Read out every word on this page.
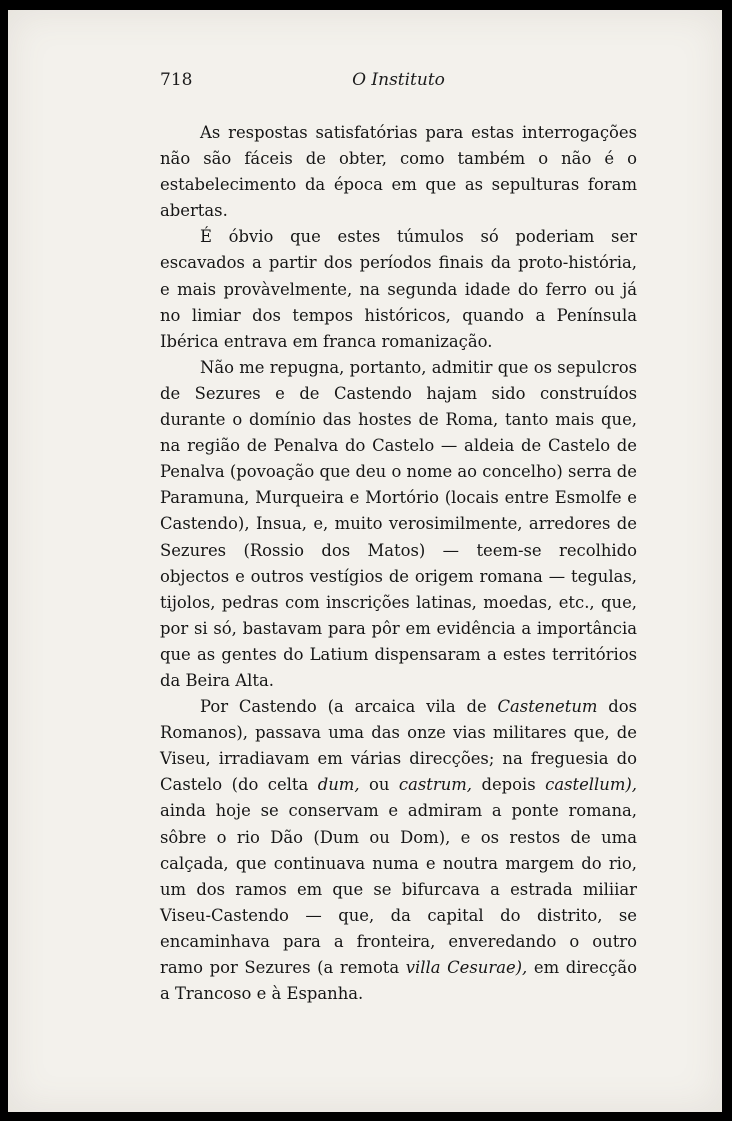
718	O Instituto

As respostas satisfatórias para estas interrogações não são fáceis de obter, como também o não é o estabelecimento da época em que as sepulturas foram abertas.

É óbvio que estes túmulos só poderiam ser escavados a partir dos períodos finais da proto-história, e mais provàvelmente, na segunda idade do ferro ou já no limiar dos tempos históricos, quando a Península Ibérica entrava em franca romanização.

Não me repugna, portanto, admitir que os sepulcros de Sezures e de Castendo hajam sido construídos durante o domínio das hostes de Roma, tanto mais que, na região de Penalva do Castelo — aldeia de Castelo de Penalva (povoação que deu o nome ao concelho) serra de Paramuna, Murqueira e Mortório (locais entre Esmolfe e Castendo), Insua, e, muito verosimilmente, arredores de Sezures (Rossio dos Matos) — teem-se recolhido objectos e outros vestígios de origem romana — tegulas, tijolos, pedras com inscrições latinas, moedas, etc., que, por si só, bastavam para pôr em evidência a importância que as gentes do Latium dispensaram a estes territórios da Beira Alta.

Por Castendo (a arcaica vila de Castenetum dos Romanos), passava uma das onze vias militares que, de Viseu, irradiavam em várias direcções; na freguesia do Castelo (do celta dum, ou castrum, depois castellum), ainda hoje se conservam e admiram a ponte romana, sôbre o rio Dão (Dum ou Dom), e os restos de uma calçada, que continuava numa e noutra margem do rio, um dos ramos em que se bifurcava a estrada miliiar Viseu-Castendo — que, da capital do distrito, se encaminhava para a fronteira, enveredando o outro ramo por Sezures (a remota villa Cesurae), em direcção a Trancoso e à Espanha.
